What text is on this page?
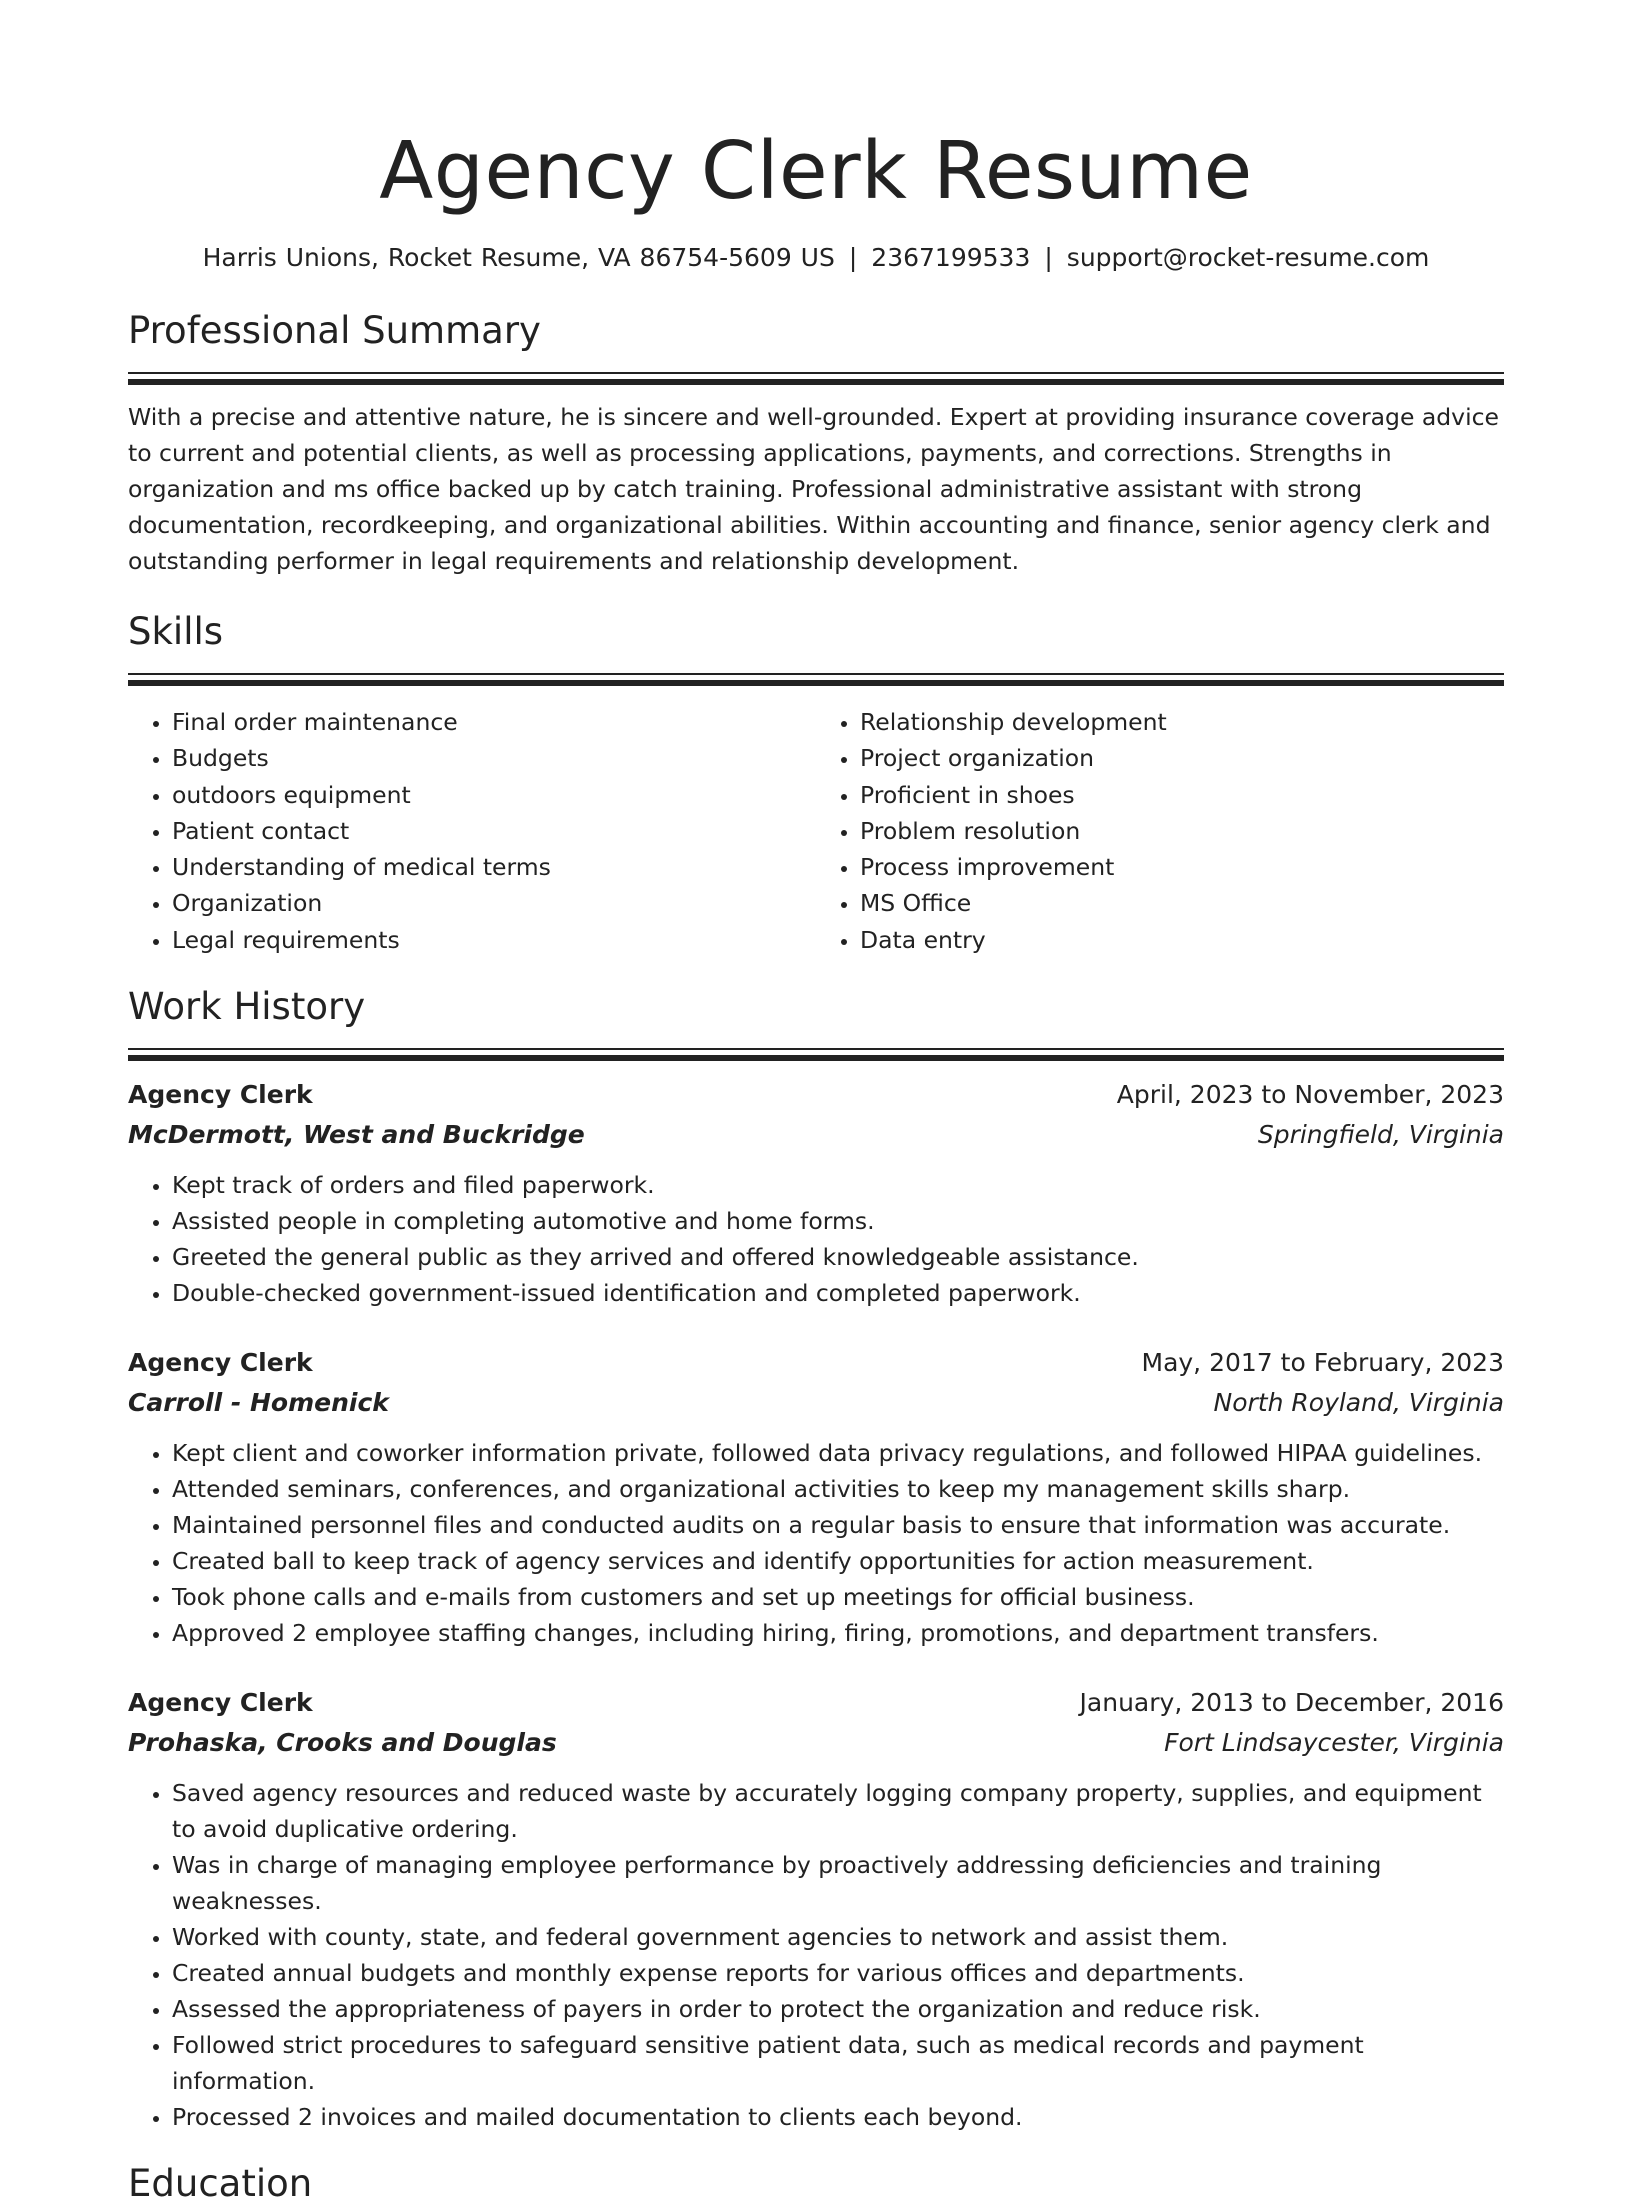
Agency Clerk Resume
Harris Unions, Rocket Resume, VA 86754-5609 US | 2367199533 | support@rocket-resume.com
Professional Summary

With a precise and attentive nature, he is sincere and well-grounded. Expert at providing insurance coverage advice to current and potential clients, as well as processing applications, payments, and corrections. Strengths in organization and ms office backed up by catch training. Professional administrative assistant with strong documentation, recordkeeping, and organizational abilities. Within accounting and finance, senior agency clerk and outstanding performer in legal requirements and relationship development.

Skills
• Final order maintenance
• Budgets
• outdoors equipment
• Patient contact
• Understanding of medical terms
• Organization
• Legal requirements
• Relationship development
• Project organization
• Proficient in shoes
• Problem resolution
• Process improvement
• MS Office
• Data entry
Work History
Agency Clerk	April, 2023 to November, 2023
McDermott, West and Buckridge	Springfield, Virginia
• Kept track of orders and filed paperwork.
• Assisted people in completing automotive and home forms.
• Greeted the general public as they arrived and offered knowledgeable assistance.
• Double-checked government-issued identification and completed paperwork.
Agency Clerk	May, 2017 to February, 2023
Carroll - Homenick	North Royland, Virginia
• Kept client and coworker information private, followed data privacy regulations, and followed HIPAA guidelines.
• Attended seminars, conferences, and organizational activities to keep my management skills sharp.
• Maintained personnel files and conducted audits on a regular basis to ensure that information was accurate.
• Created ball to keep track of agency services and identify opportunities for action measurement.
• Took phone calls and e-mails from customers and set up meetings for official business.
• Approved 2 employee staffing changes, including hiring, firing, promotions, and department transfers.
Agency Clerk	January, 2013 to December, 2016
Prohaska, Crooks and Douglas	Fort Lindsaycester, Virginia
• Saved agency resources and reduced waste by accurately logging company property, supplies, and equipment to avoid duplicative ordering.
• Was in charge of managing employee performance by proactively addressing deficiencies and training weaknesses.
• Worked with county, state, and federal government agencies to network and assist them.
• Created annual budgets and monthly expense reports for various offices and departments.
• Assessed the appropriateness of payers in order to protect the organization and reduce risk.
• Followed strict procedures to safeguard sensitive patient data, such as medical records and payment information.
• Processed 2 invoices and mailed documentation to clients each beyond.
Education
